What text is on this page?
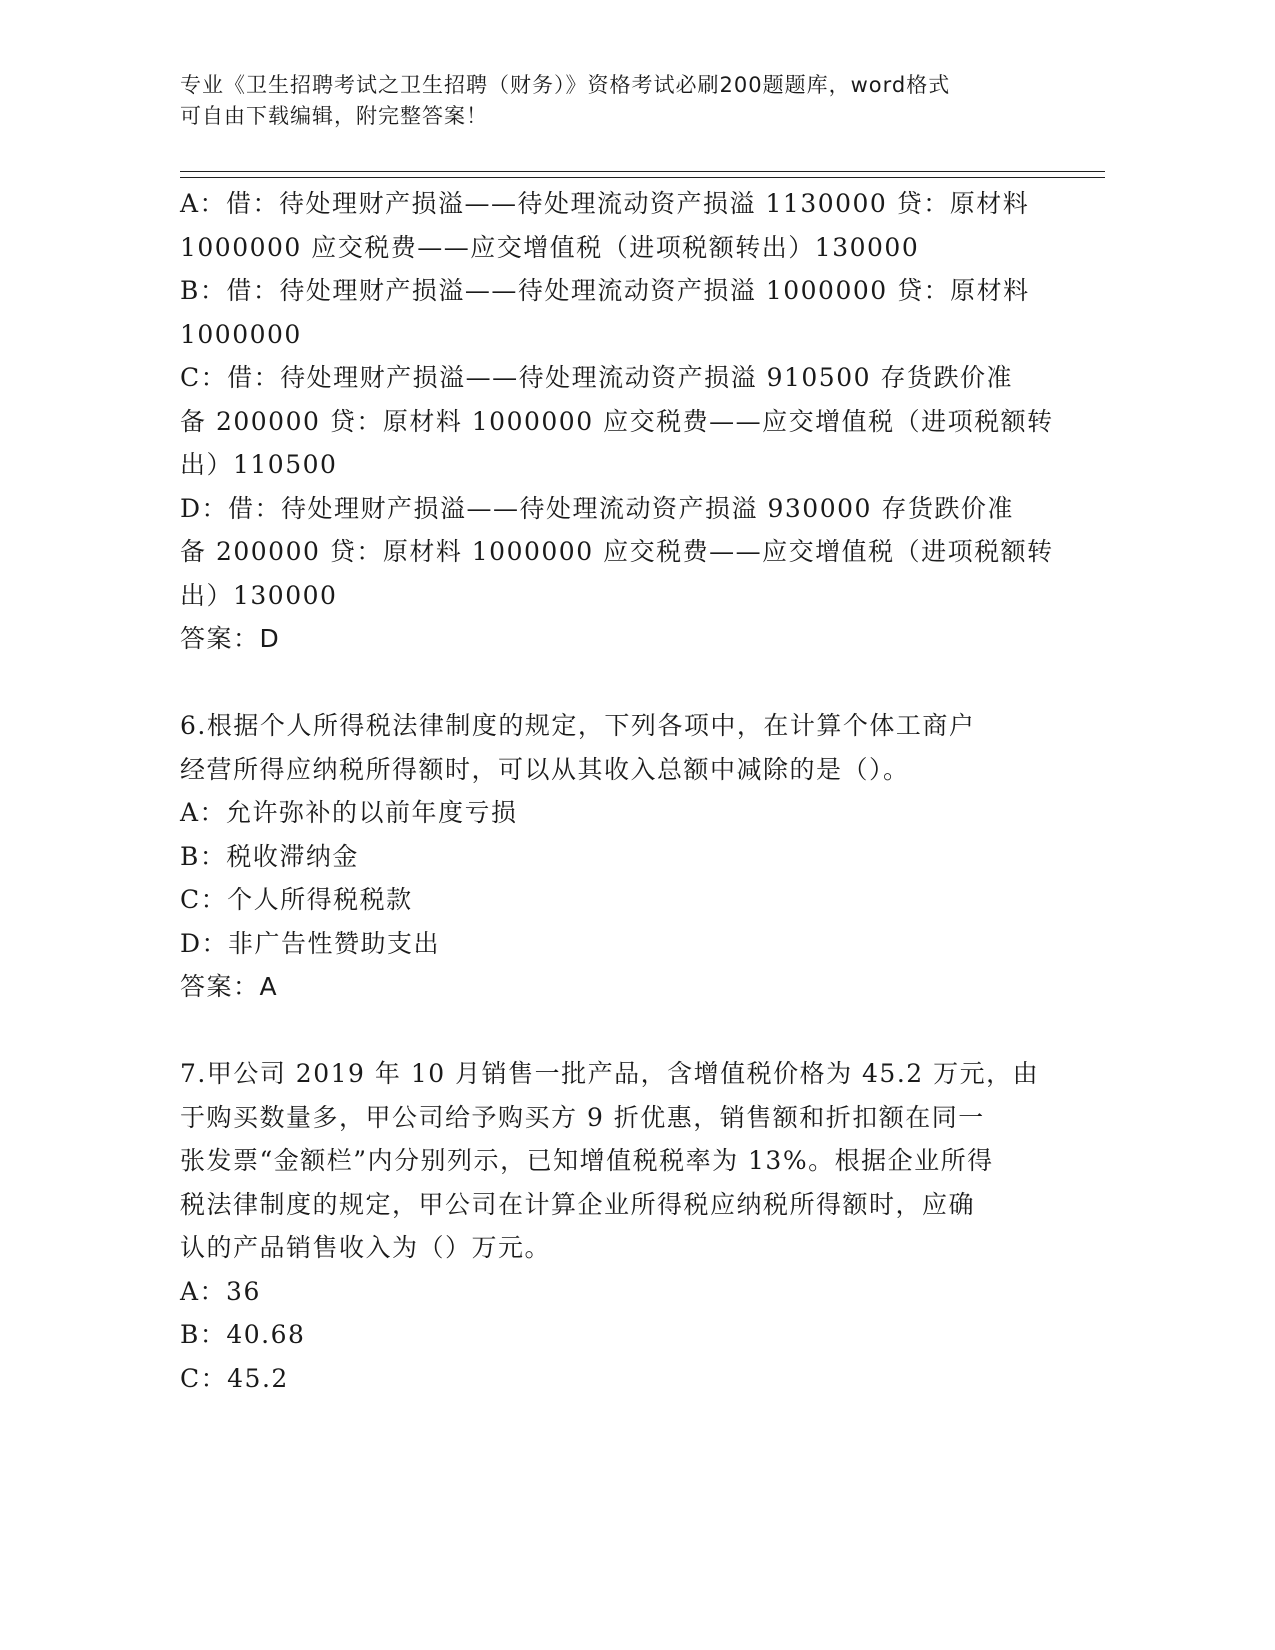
专业《卫生招聘考试之卫生招聘（财务）》资格考试必刷200题题库，word格式
可自由下载编辑，附完整答案！
A：借：待处理财产损溢——待处理流动资产损溢 1130000 贷：原材料
1000000 应交税费——应交增值税（进项税额转出）130000
B：借：待处理财产损溢——待处理流动资产损溢 1000000 贷：原材料
1000000
C：借：待处理财产损溢——待处理流动资产损溢 910500 存货跌价准
备 200000 贷：原材料 1000000 应交税费——应交增值税（进项税额转
出）110500
D：借：待处理财产损溢——待处理流动资产损溢 930000 存货跌价准
备 200000 贷：原材料 1000000 应交税费——应交增值税（进项税额转
出）130000
答案：D
6.根据个人所得税法律制度的规定，下列各项中，在计算个体工商户
经营所得应纳税所得额时，可以从其收入总额中减除的是（）。
A：允许弥补的以前年度亏损
B：税收滞纳金
C：个人所得税税款
D：非广告性赞助支出
答案：A
7.甲公司 2019 年 10 月销售一批产品，含增值税价格为 45.2 万元，由
于购买数量多，甲公司给予购买方 9 折优惠，销售额和折扣额在同一
张发票“金额栏”内分别列示，已知增值税税率为 13%。根据企业所得
税法律制度的规定，甲公司在计算企业所得税应纳税所得额时，应确
认的产品销售收入为（）万元。
A：36
B：40.68
C：45.2
